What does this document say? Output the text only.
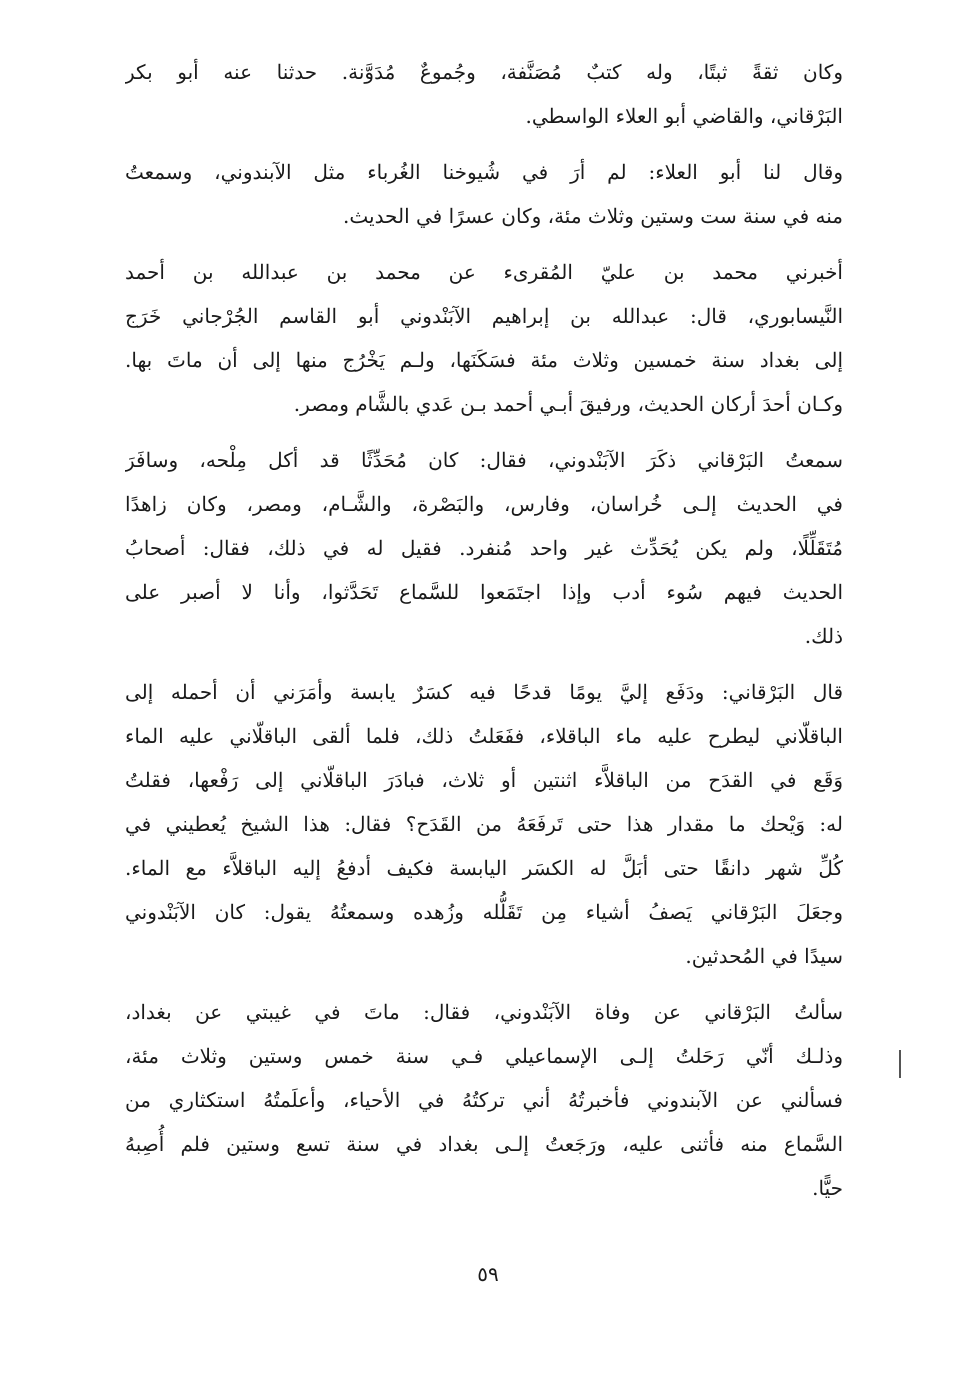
وكان ثقةً ثبتًا، وله كتبٌ مُصَنَّفة، وجُموعٌ مُدَوَّنة. حدثنا عنه أبو بكر
البَرْقاني، والقاضي أبو العلاء الواسطي.
وقال لنا أبو العلاء: لم أرَ في شُيوخنا الغُرباء مثل الآبندوني، وسمعتُ
منه في سنة ست وستين وثلاث مئة، وكان عسرًا في الحديث.
أخبرني محمد بن عليّ المُقرىء عن محمد بن عبدالله بن أحمد
النَّيسابوري، قال: عبدالله بن إبراهيم الآبَنْدوني أبو القاسم الجُرْجاني خَرَج
إلى بغداد سنة خمسين وثلاث مئة فسَكَنَها، ولـم يَخْرُج منها إلى أن ماتَ بها.
وكـان أحدَ أركان الحديث، ورفيقَ أبـي أحمد بـن عَدي بالشَّام ومصر.
سمعتُ البَرْقاني ذكَرَ الآبَنْدوني، فقال: كان مُحَدِّثًا قد أكل مِلْحه، وسافَرَ
في الحديث إلـى خُراسان، وفارس، والبَصْرة، والشَّـام، ومصر، وكان زاهدًا
مُتَقَلِّلًا، ولم يكن يُحَدِّث غير واحد مُنفرد. فقيل له في ذلك، فقال: أصحابُ
الحديث فيهم سُوء أدب وإذا اجتَمَعوا للسَّماع تَحَدَّثوا، وأنا لا أصبر على
ذلك.
قال البَرْقاني: ودَفَع إليَّ يومًا قدحًا فيه كسَرٌ يابسة وأمَرَني أن أحمله إلى
الباقلّاني ليطرح عليه ماء الباقلاء، ففَعَلتُ ذلك، فلما ألقى الباقلّاني عليه الماء
وَقَع في القدَح من الباقلاَّء اثنتين أو ثلاث، فبادَرَ الباقلّاني إلى رَفْعها، فقلتُ
له: وَيْحك ما مقدار هذا حتى تَرفَعَهُ من القَدَح؟ فقال: هذا الشيخ يُعطيني في
كُلِّ شهر دانقًا حتى أبَلَّ له الكسَر اليابسة فكيف أدفعُ إليه الباقلاَّء مع الماء.
وجعَلَ البَرْقاني يَصفُ أشياء مِن تَقَلُّله وزُهده وسمعتُهُ يقول: كان الآبَنْدوني
سيدًا في المُحدثين.
سألتُ البَرْقاني عن وفاة الآبَنْدوني، فقال: ماتَ في غيبتي عن بغداد،
وذلـك أنّي رَحَلتُ إلـى الإسماعيلي فـي سنة خمس وستين وثلاث مئة،
فسألني عن الآبندوني فأخبرتُهُ أني تركتُهُ في الأحياء، وأعلَمتُهُ استكثاري من
السَّماع منه فأثنى عليه، ورَجَعتُ إلـى بغداد في سنة تسع وستين فلم أُصِبهُ
حيًّا.
٥٩
